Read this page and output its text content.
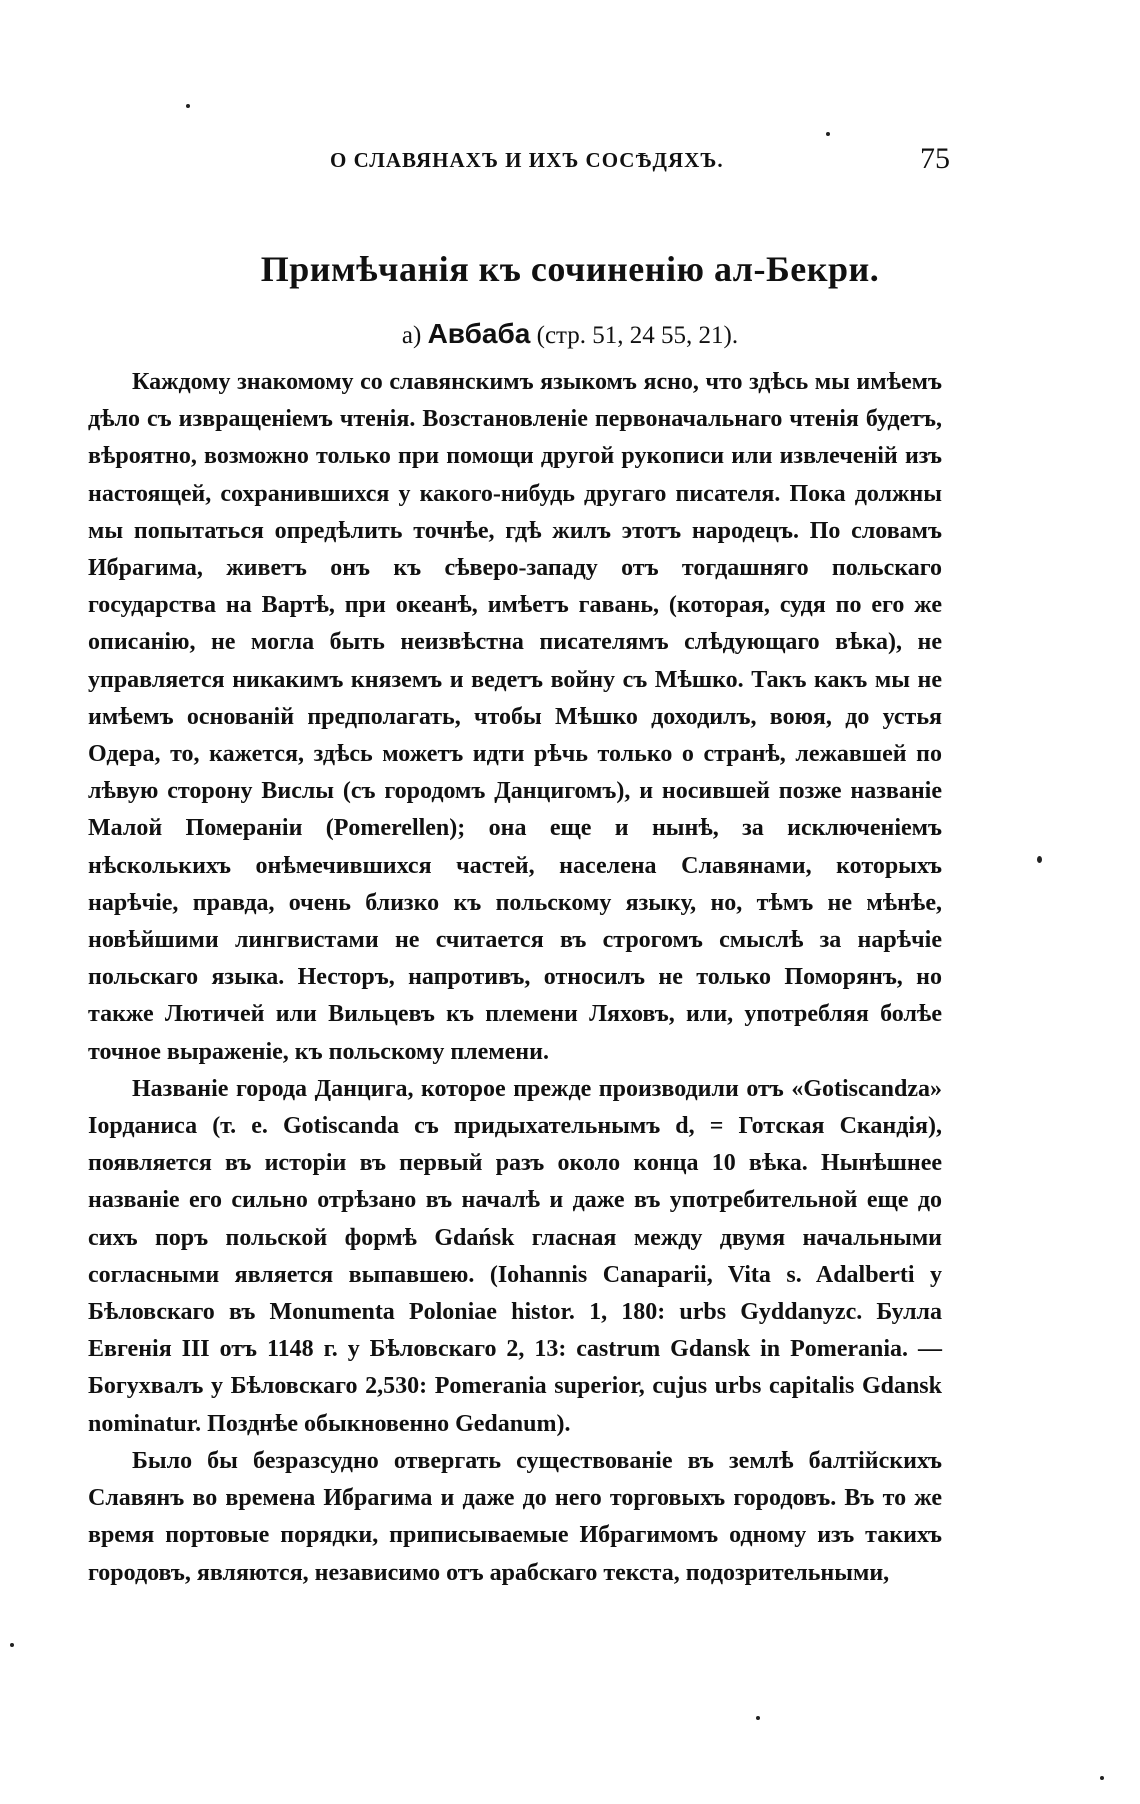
О СЛАВЯНАХЪ И ИХЪ СОСѢДЯХЪ.	75
Примѣчанія къ сочиненію ал-Бекри.
а) Авбаба (стр. 51, 24 55, 21).

Каждому знакомому со славянскимъ языкомъ ясно, что здѣсь мы имѣемъ дѣло съ извращеніемъ чтенія. Возстановленіе первоначальнаго чтенія будетъ, вѣроятно, возможно только при помощи другой рукописи или извлеченій изъ настоящей, сохранившихся у какого-нибудь другаго писателя. Пока должны мы попытаться опредѣлить точнѣе, гдѣ жилъ этотъ народецъ. По словамъ Ибрагима, живетъ онъ къ сѣверо-западу отъ тогдашняго польскаго государства на Вартѣ, при океанѣ, имѣетъ гавань, (которая, судя по его же описанію, не могла быть неизвѣстна писателямъ слѣдующаго вѣка), не управляется никакимъ княземъ и ведетъ войну съ Мѣшко. Такъ какъ мы не имѣемъ основаній предполагать, чтобы Мѣшко доходилъ, воюя, до устья Одера, то, кажется, здѣсь можетъ идти рѣчь только о странѣ, лежавшей по лѣвую сторону Вислы (съ городомъ Данцигомъ), и носившей позже названіе Малой Помераніи (Pomerellen); она еще и нынѣ, за исключеніемъ нѣсколькихъ онѣмечившихся частей, населена Славянами, которыхъ нарѣчіе, правда, очень близко къ польскому языку, но, тѣмъ не мѣнѣе, новѣйшими лингвистами не считается въ строгомъ смыслѣ за нарѣчіе польскаго языка. Несторъ, напротивъ, относилъ не только Поморянъ, но также Лютичей или Вильцевъ къ племени Ляховъ, или, употребляя болѣе точное выраженіе, къ польскому племени.

Названіе города Данцига, которое прежде производили отъ «Gotiscandza» Іорданиса (т. е. Gotiscanda съ придыхательнымъ d, = Готская Скандія), появляется въ исторіи въ первый разъ около конца 10 вѣка. Нынѣшнее названіе его сильно отрѣзано въ началѣ и даже въ употребительной еще до сихъ поръ польской формѣ Gdańsk гласная между двумя начальными согласными является выпавшею. (Iohannis Canaparii, Vita s. Adalberti у Бѣловскаго въ Monumenta Poloniae histor. 1, 180: urbs Gyddanyzc. Булла Евгенія III отъ 1148 г. у Бѣловскаго 2, 13: castrum Gdansk in Pomerania. — Богухвалъ у Бѣловскаго 2,530: Pomerania superior, cujus urbs capitalis Gdansk nominatur. Позднѣе обыкновенно Gedanum).

Было бы безразсудно отвергать существованіе въ землѣ балтійскихъ Славянъ во времена Ибрагима и даже до него торговыхъ городовъ. Въ то же время портовые порядки, приписываемые Ибрагимомъ одному изъ такихъ городовъ, являются, независимо отъ арабскаго текста, подозрительными,
